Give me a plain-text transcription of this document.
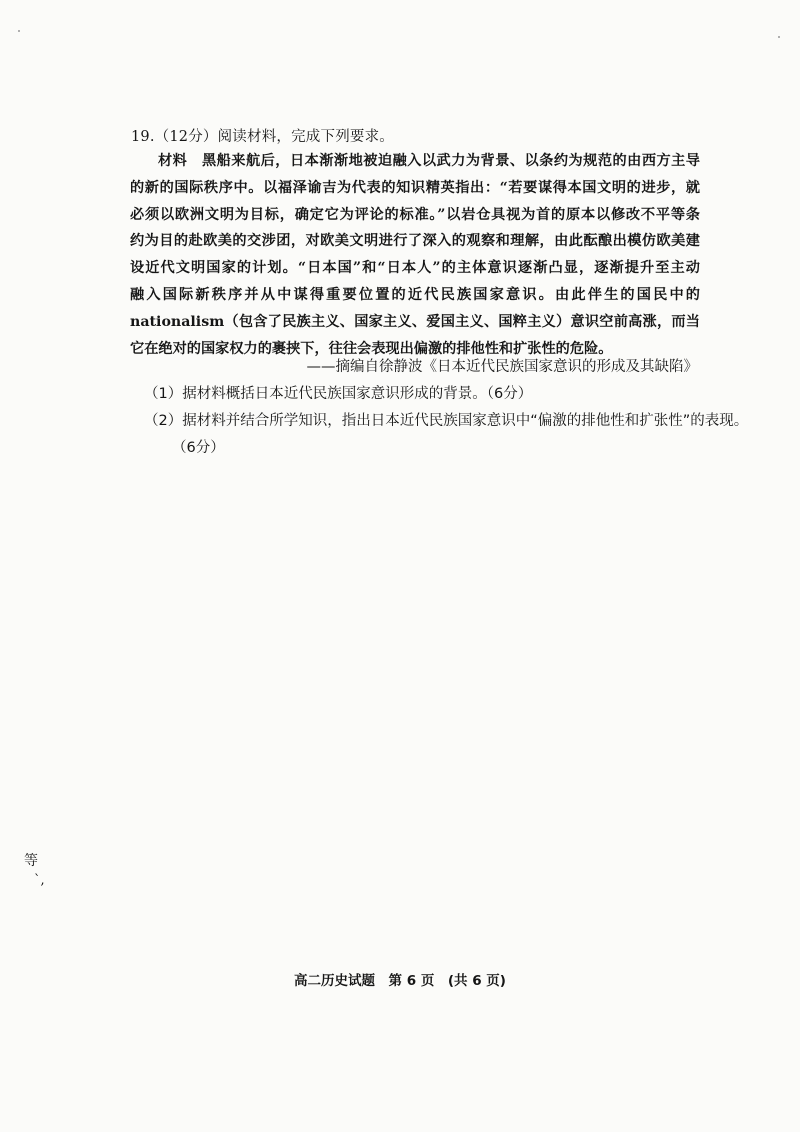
19.（12分）阅读材料，完成下列要求。
材料　黑船来航后，日本渐渐地被迫融入以武力为背景、以条约为规范的由西方主导
的新的国际秩序中。以福泽谕吉为代表的知识精英指出：“若要谋得本国文明的进步，就
必须以欧洲文明为目标，确定它为评论的标准。”以岩仓具视为首的原本以修改不平等条
约为目的赴欧美的交涉团，对欧美文明进行了深入的观察和理解，由此酝酿出模仿欧美建
设近代文明国家的计划。“日本国”和“日本人”的主体意识逐渐凸显，逐渐提升至主动
融入国际新秩序并从中谋得重要位置的近代民族国家意识。由此伴生的国民中的
nationalism（包含了民族主义、国家主义、爱国主义、国粹主义）意识空前高涨，而当
它在绝对的国家权力的裹挟下，往往会表现出偏激的排他性和扩张性的危险。
——摘编自徐静波《日本近代民族国家意识的形成及其缺陷》
（1）据材料概括日本近代民族国家意识形成的背景。（6分）
（2）据材料并结合所学知识，指出日本近代民族国家意识中“偏激的排他性和扩张性”的表现。
（6分）
等
`,
高二历史试题　第 6 页　(共 6 页)
